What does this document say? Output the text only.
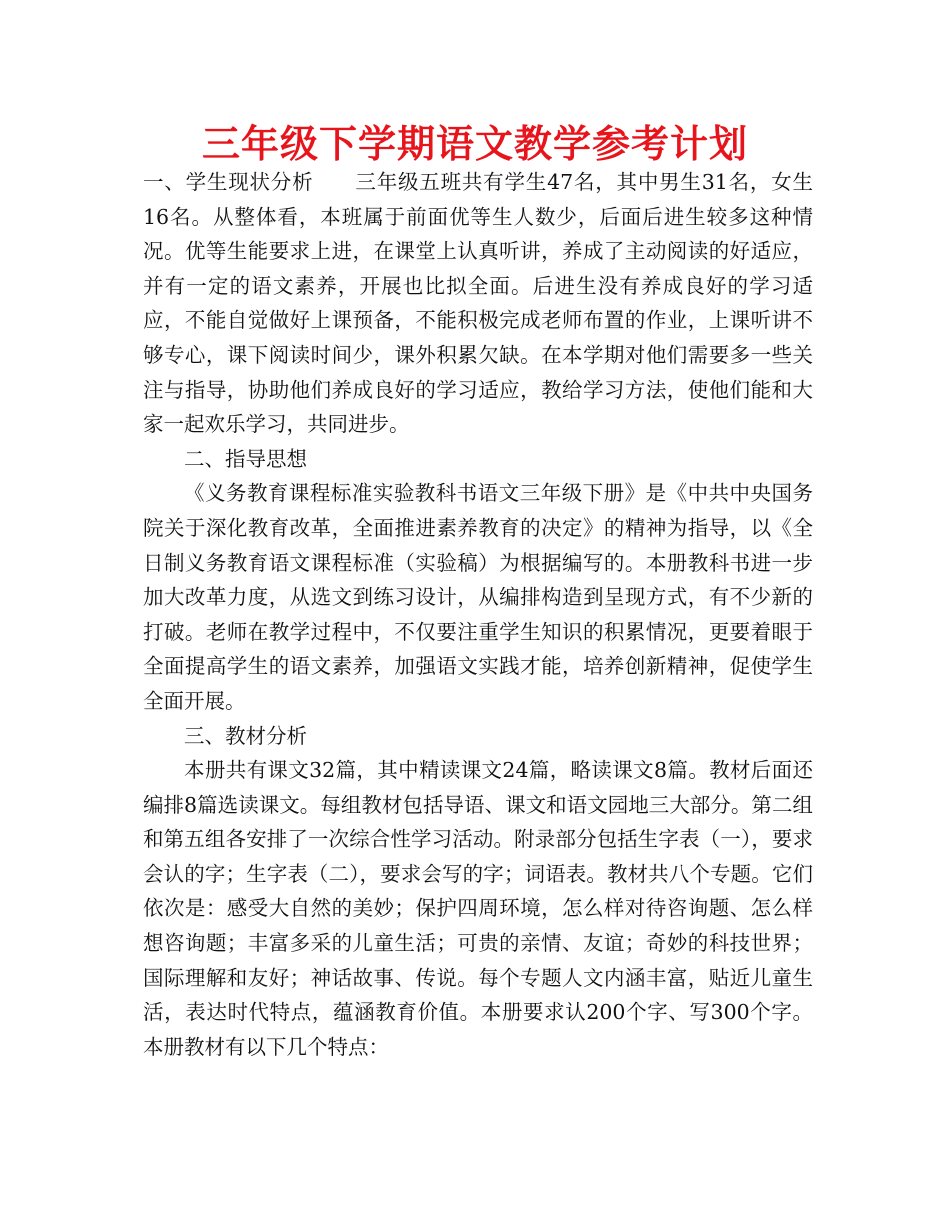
三年级下学期语文教学参考计划

一、学生现状分析 三年级五班共有学生47名，其中男生31名，女生16名。从整体看，本班属于前面优等生人数少，后面后进生较多这种情况。优等生能要求上进，在课堂上认真听讲，养成了主动阅读的好适应，并有一定的语文素养，开展也比拟全面。后进生没有养成良好的学习适应，不能自觉做好上课预备，不能积极完成老师布置的作业，上课听讲不够专心，课下阅读时间少，课外积累欠缺。在本学期对他们需要多一些关注与指导，协助他们养成良好的学习适应，教给学习方法，使他们能和大家一起欢乐学习，共同进步。

二、指导思想

《义务教育课程标准实验教科书语文三年级下册》是《中共中央国务院关于深化教育改革，全面推进素养教育的决定》的精神为指导，以《全日制义务教育语文课程标准（实验稿）为根据编写的。本册教科书进一步加大改革力度，从选文到练习设计，从编排构造到呈现方式，有不少新的打破。老师在教学过程中，不仅要注重学生知识的积累情况，更要着眼于全面提高学生的语文素养，加强语文实践才能，培养创新精神，促使学生全面开展。

三、教材分析

本册共有课文32篇，其中精读课文24篇，略读课文8篇。教材后面还编排8篇选读课文。每组教材包括导语、课文和语文园地三大部分。第二组和第五组各安排了一次综合性学习活动。附录部分包括生字表（一），要求会认的字；生字表（二），要求会写的字；词语表。教材共八个专题。它们依次是：感受大自然的美妙；保护四周环境，怎么样对待咨询题、怎么样想咨询题；丰富多采的儿童生活；可贵的亲情、友谊；奇妙的科技世界；国际理解和友好；神话故事、传说。每个专题人文内涵丰富，贴近儿童生活，表达时代特点，蕴涵教育价值。本册要求认200个字、写300个字。本册教材有以下几个特点：
